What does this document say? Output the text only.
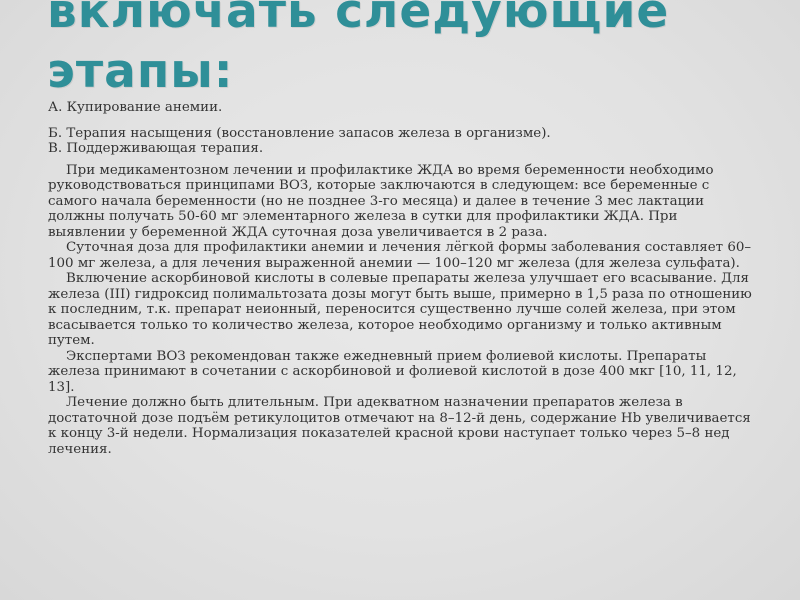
включать следующие
этапы:

А. Купирование анемии.

Б. Терапия насыщения (восстановление запасов железа в организме).

В. Поддерживающая терапия.

При медикаментозном лечении и профилактике ЖДА во время беременности необходимо руководствоваться принципами ВОЗ, которые заключаются в следующем: все беременные с самого начала беременности (но не позднее 3-го месяца) и далее в течение 3 мес лактации должны получать 50-60 мг элементарного железа в сутки для профилактики ЖДА. При выявлении у беременной ЖДА суточная доза увеличивается в 2 раза.

Суточная доза для профилактики анемии и лечения лёгкой формы заболевания составляет 60–100 мг железа, а для лечения выраженной анемии — 100–120 мг железа (для железа сульфата).

Включение аскорбиновой кислоты в солевые препараты железа улучшает его всасывание. Для железа (III) гидроксид полимальтозата дозы могут быть выше, примерно в 1,5 раза по отношению к последним, т.к. препарат неионный, переносится существенно лучше солей железа, при этом всасывается только то количество железа, которое необходимо организму и только активным путем.

Экспертами ВОЗ рекомендован также ежедневный прием фолиевой кислоты. Препараты железа принимают в сочетании с аскорбиновой и фолиевой кислотой в дозе 400 мкг [10, 11, 12, 13].

Лечение должно быть длительным. При адекватном назначении препаратов железа в достаточной дозе подъём ретикулоцитов отмечают на 8–12-й день, содержание Hb увеличивается к концу 3-й недели. Нормализация показателей красной крови наступает только через 5–8 нед лечения.
